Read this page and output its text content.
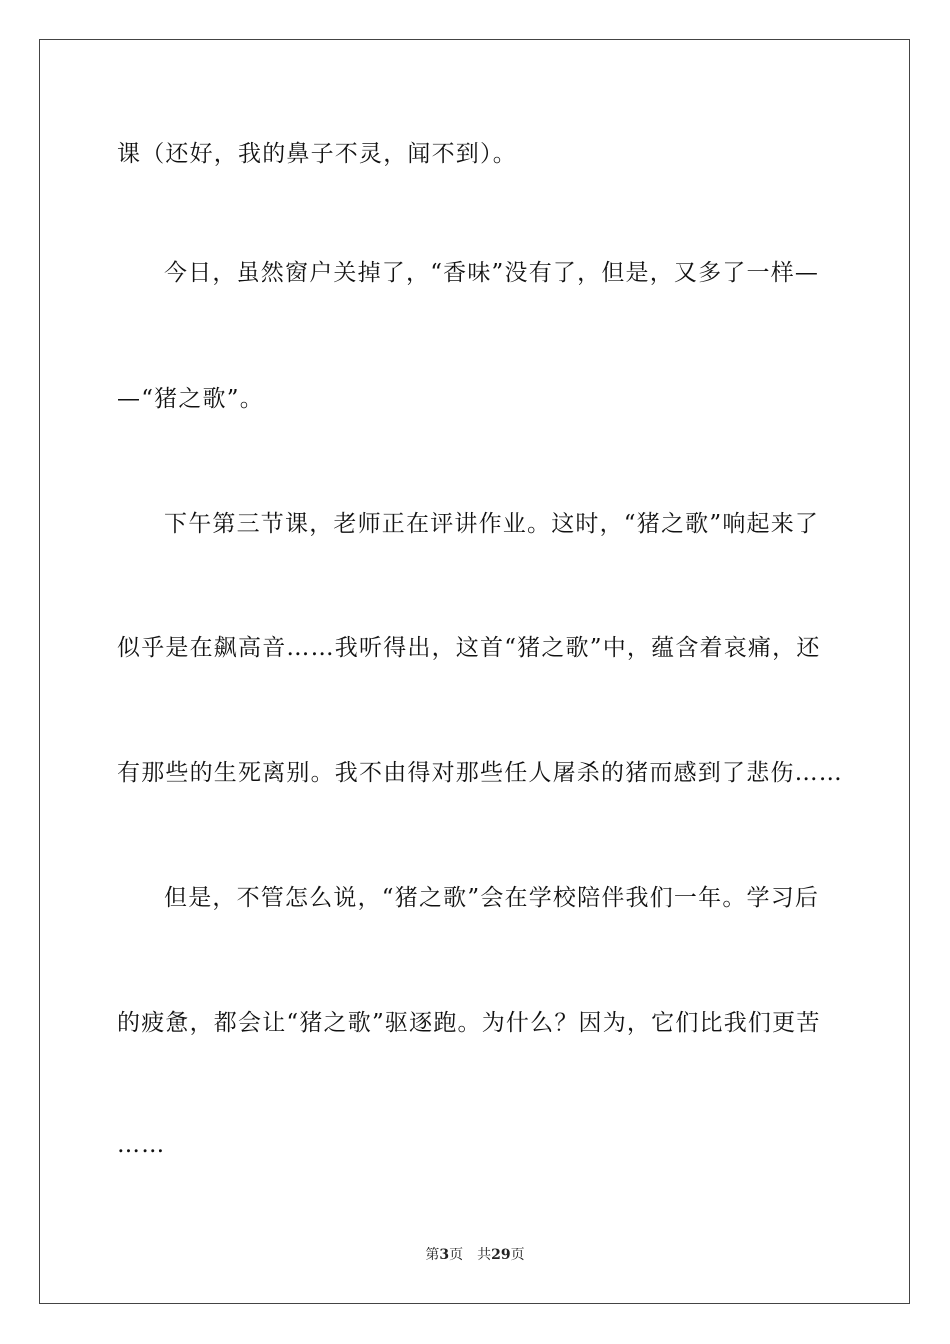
课（还好，我的鼻子不灵，闻不到）。
今日，虽然窗户关掉了，“香味”没有了，但是，又多了一样—
—“猪之歌”。
下午第三节课，老师正在评讲作业。这时，“猪之歌”响起来了
似乎是在飙高音……我听得出，这首“猪之歌”中，蕴含着哀痛，还
有那些的生死离别。我不由得对那些任人屠杀的猪而感到了悲伤……
但是，不管怎么说，“猪之歌”会在学校陪伴我们一年。学习后
的疲惫，都会让“猪之歌”驱逐跑。为什么？因为，它们比我们更苦
……
第3页 共29页
